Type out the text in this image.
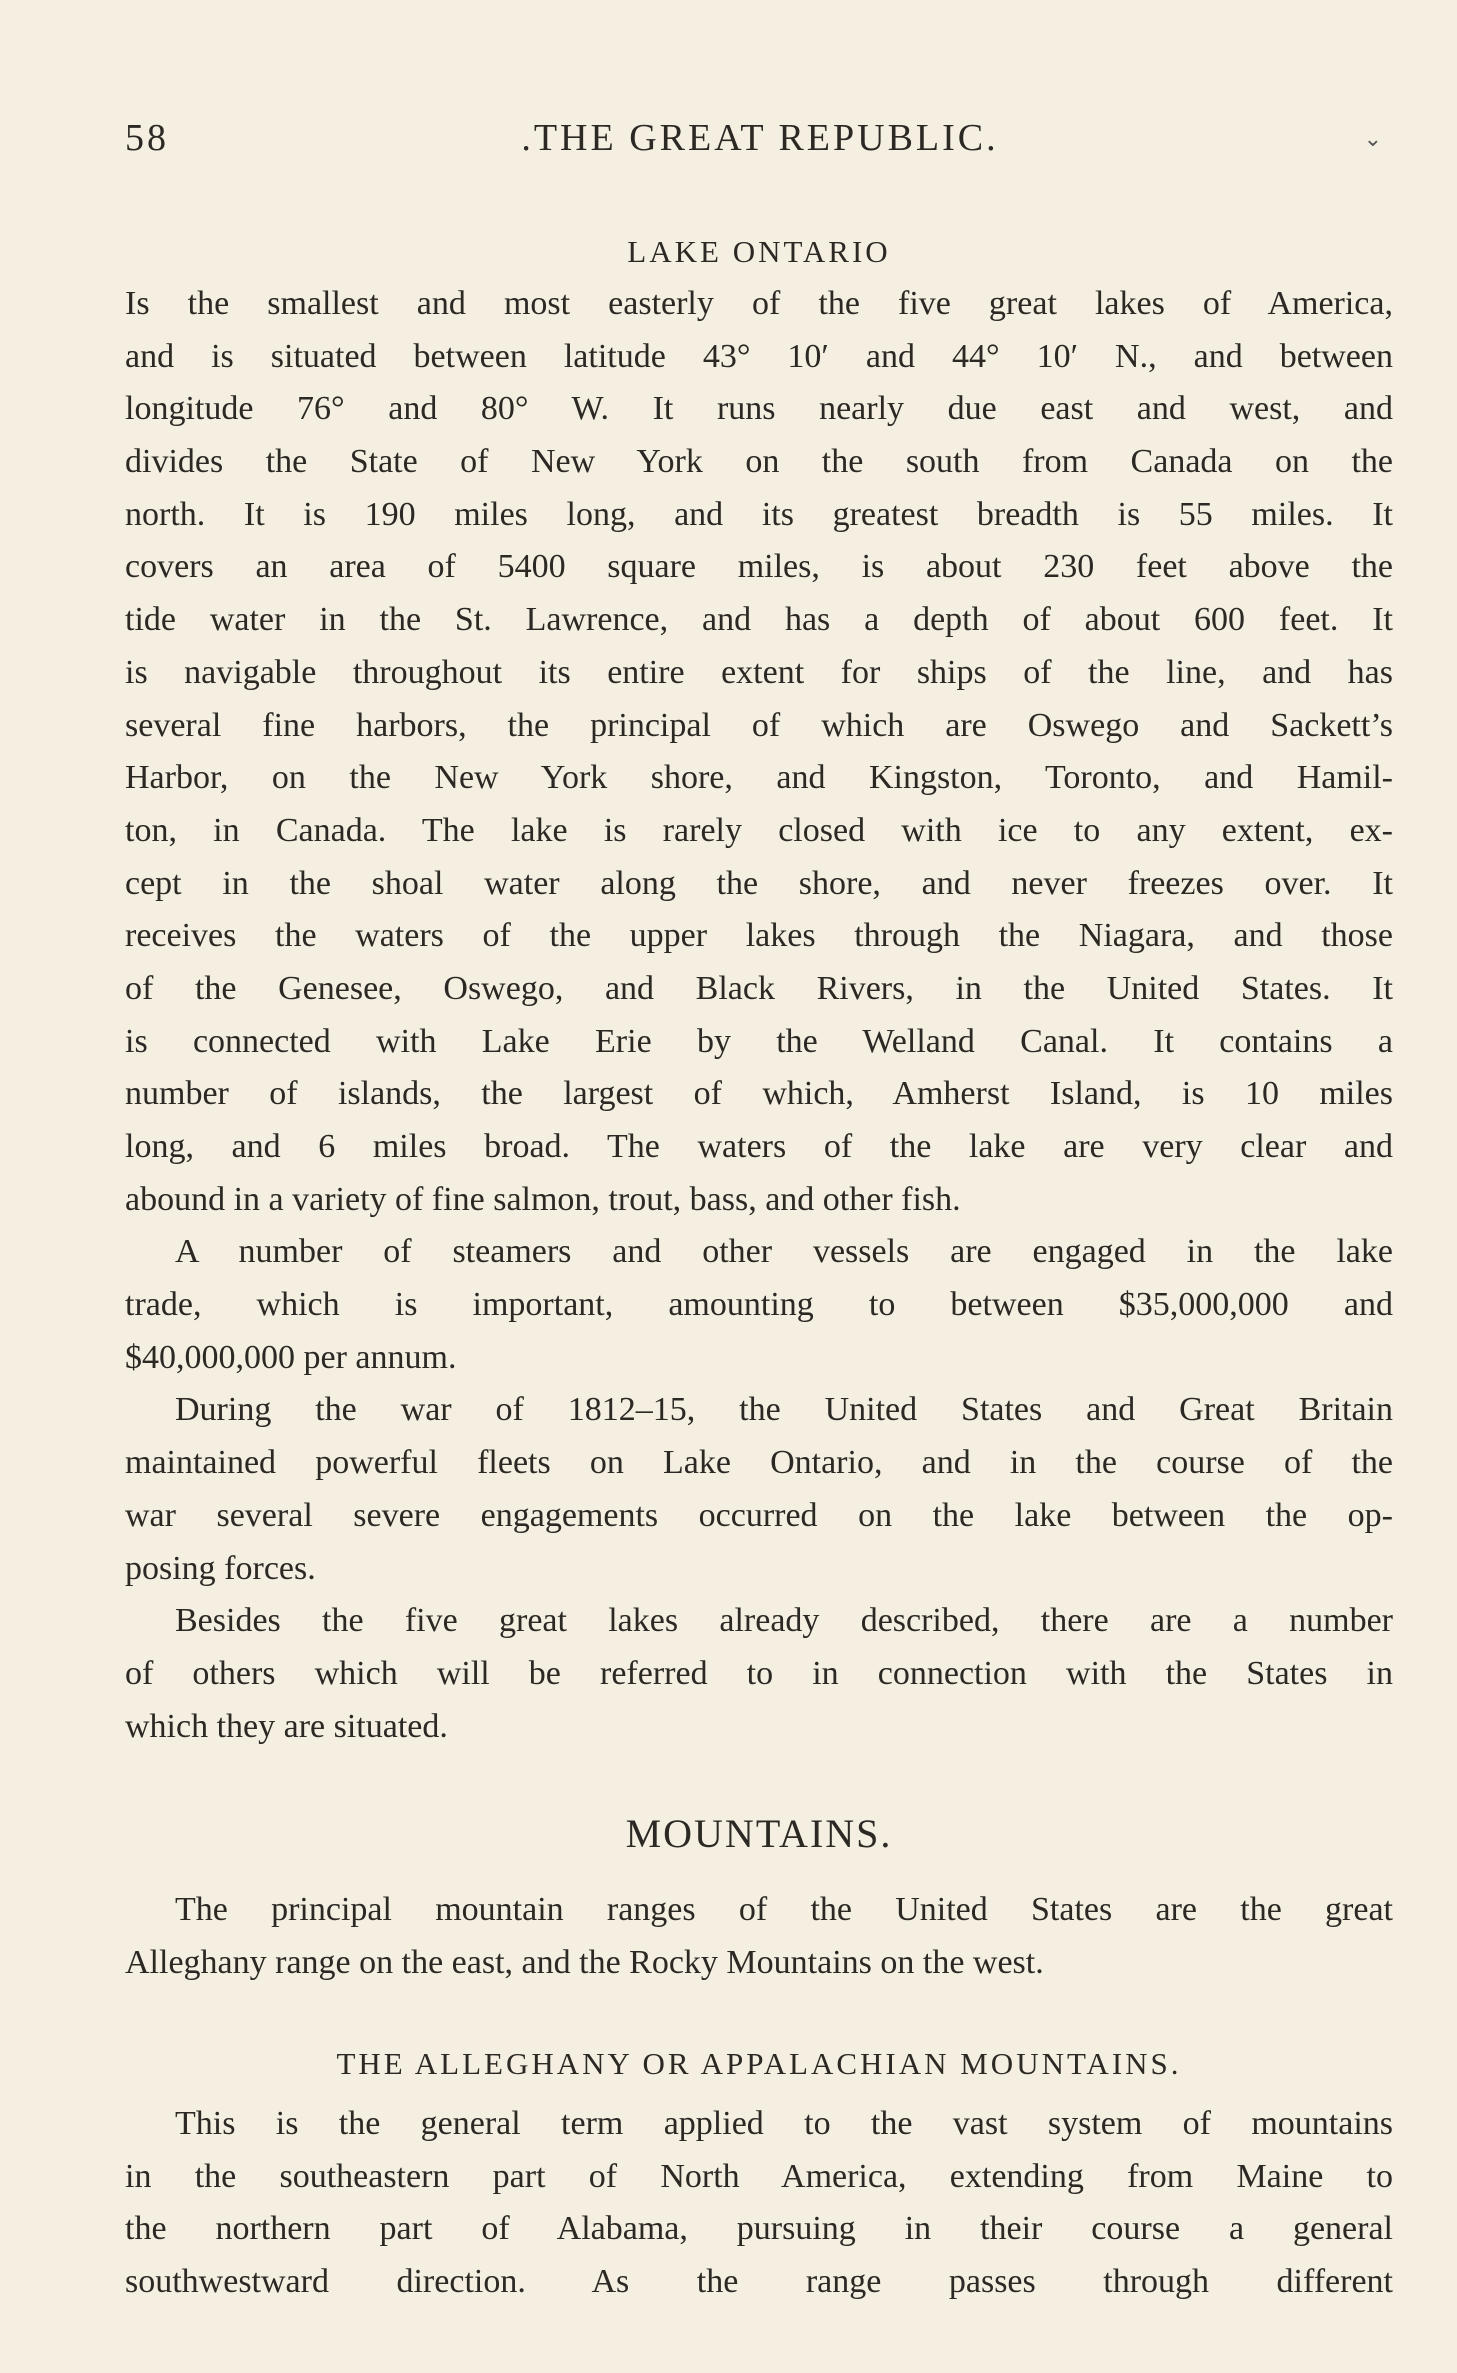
58	.THE GREAT REPUBLIC.	⌄
LAKE ONTARIO
Is the smallest and most easterly of the five great lakes of America,
and is situated between latitude 43° 10′ and 44° 10′ N., and between
longitude 76° and 80° W. It runs nearly due east and west, and
divides the State of New York on the south from Canada on the
north. It is 190 miles long, and its greatest breadth is 55 miles. It
covers an area of 5400 square miles, is about 230 feet above the
tide water in the St. Lawrence, and has a depth of about 600 feet. It
is navigable throughout its entire extent for ships of the line, and has
several fine harbors, the principal of which are Oswego and Sackett’s
Harbor, on the New York shore, and Kingston, Toronto, and Hamil-
ton, in Canada. The lake is rarely closed with ice to any extent, ex-
cept in the shoal water along the shore, and never freezes over. It
receives the waters of the upper lakes through the Niagara, and those
of the Genesee, Oswego, and Black Rivers, in the United States. It
is connected with Lake Erie by the Welland Canal. It contains a
number of islands, the largest of which, Amherst Island, is 10 miles
long, and 6 miles broad. The waters of the lake are very clear and
abound in a variety of fine salmon, trout, bass, and other fish.
A number of steamers and other vessels are engaged in the lake
trade, which is important, amounting to between $35,000,000 and
$40,000,000 per annum.
During the war of 1812–15, the United States and Great Britain
maintained powerful fleets on Lake Ontario, and in the course of the
war several severe engagements occurred on the lake between the op-
posing forces.
Besides the five great lakes already described, there are a number
of others which will be referred to in connection with the States in
which they are situated.
MOUNTAINS.
The principal mountain ranges of the United States are the great
Alleghany range on the east, and the Rocky Mountains on the west.
THE ALLEGHANY OR APPALACHIAN MOUNTAINS.
This is the general term applied to the vast system of mountains
in the southeastern part of North America, extending from Maine to
the northern part of Alabama, pursuing in their course a general
southwestward direction. As the range passes through different
